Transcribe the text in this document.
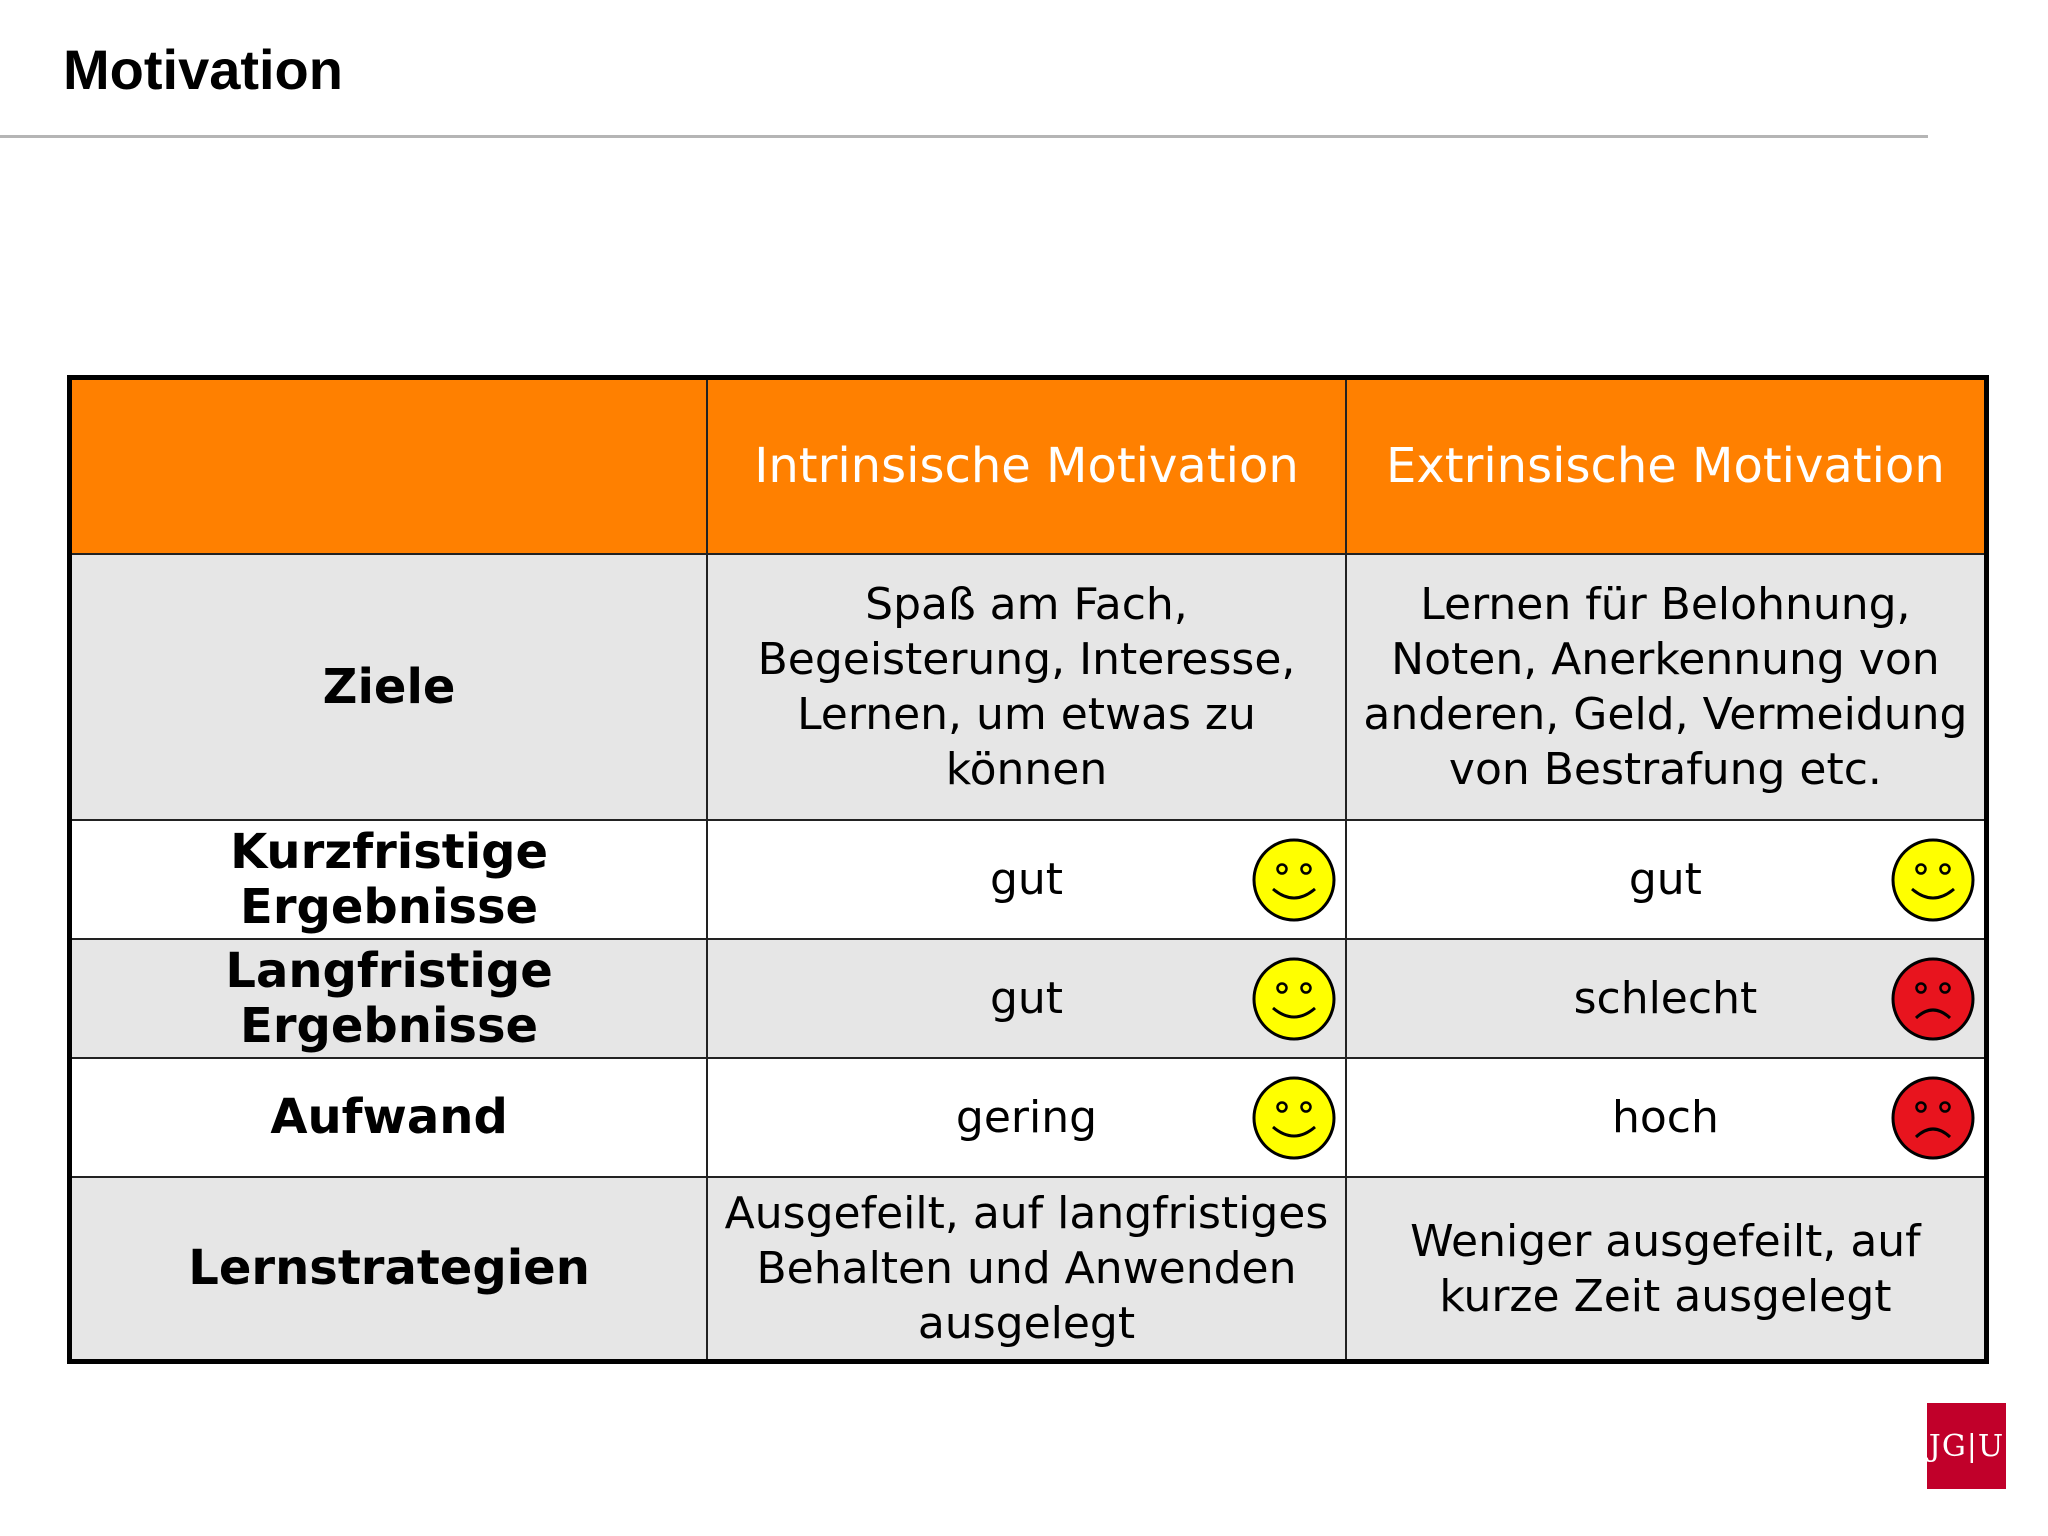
Motivation
	Intrinsische Motivation	Extrinsische Motivation
Ziele	Spaß am Fach, Begeisterung, Interesse, Lernen, um etwas zu können	Lernen für Belohnung, Noten, Anerkennung von anderen, Geld, Vermeidung von Bestrafung etc.
Kurzfristige Ergebnisse	gut	gut

Langfristige Ergebnisse	gut	schlecht

Aufwand	gering	hoch

Lernstrategien	Ausgefeilt, auf langfristiges Behalten und Anwenden ausgelegt	Weniger ausgefeilt, auf kurze Zeit ausgelegt
JG|U
